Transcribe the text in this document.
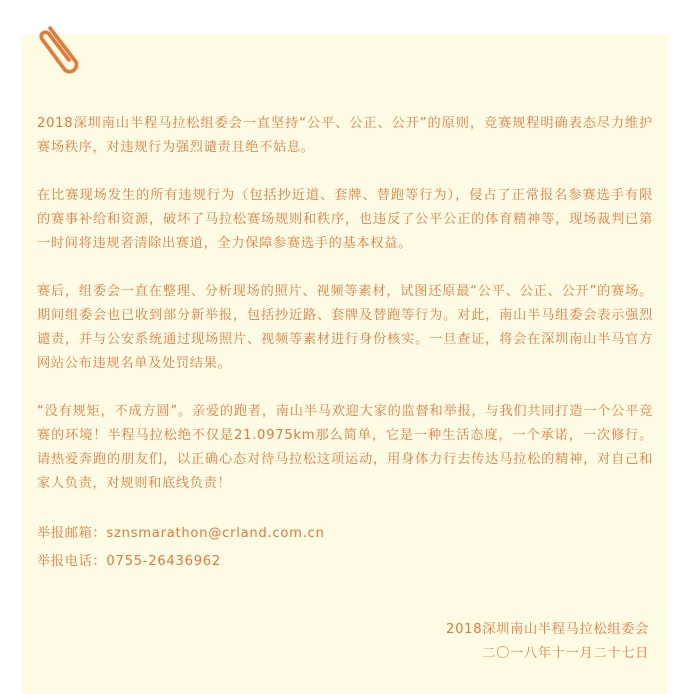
2018深圳南山半程马拉松组委会一直坚持“公平、公正、公开”的原则，竞赛规程明确表态尽力维护赛场秩序，对违规行为强烈谴责且绝不姑息。

在比赛现场发生的所有违规行为（包括抄近道、套牌、替跑等行为），侵占了正常报名参赛选手有限的赛事补给和资源，破坏了马拉松赛场规则和秩序，也违反了公平公正的体育精神等，现场裁判已第一时间将违规者清除出赛道，全力保障参赛选手的基本权益。

赛后，组委会一直在整理、分析现场的照片、视频等素材，试图还原最“公平、公正、公开”的赛场。期间组委会也已收到部分新举报，包括抄近路、套牌及替跑等行为。对此，南山半马组委会表示强烈谴责，并与公安系统通过现场照片、视频等素材进行身份核实。一旦查证，将会在深圳南山半马官方网站公布违规名单及处罚结果。

“没有规矩，不成方圆”。亲爱的跑者，南山半马欢迎大家的监督和举报，与我们共同打造一个公平竞赛的环境！半程马拉松绝不仅是21.0975km那么简单，它是一种生活态度，一个承诺，一次修行。请热爱奔跑的朋友们，以正确心态对待马拉松这项运动，用身体力行去传达马拉松的精神，对自己和家人负责，对规则和底线负责！

举报邮箱：sznsmarathon@crland.com.cn

举报电话：0755-26436962

2018深圳南山半程马拉松组委会
二〇一八年十一月二十七日
